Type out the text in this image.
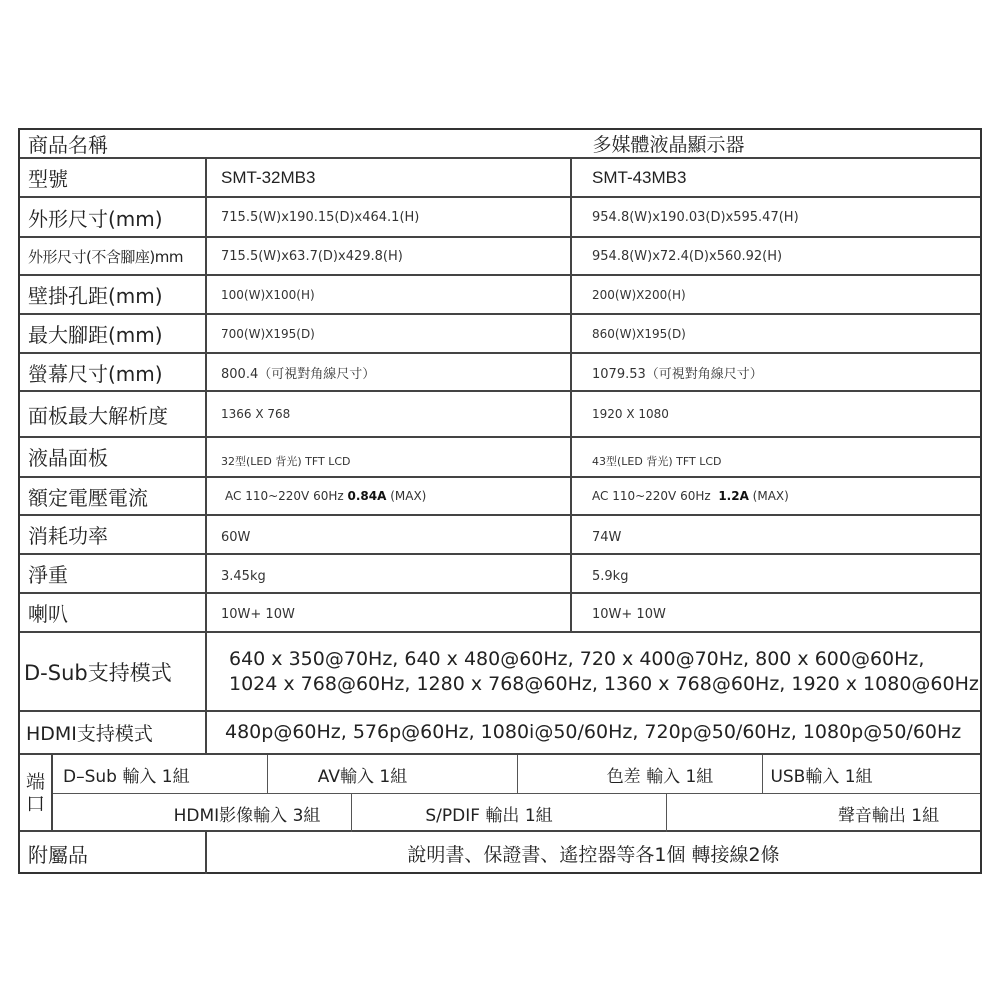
商品名稱	多媒體液晶顯示器
型號	SMT-32MB3	SMT-43MB3
外形尺寸(mm)	715.5(W)x190.15(D)x464.1(H)	954.8(W)x190.03(D)x595.47(H)
外形尺寸(不含腳座)mm	715.5(W)x63.7(D)x429.8(H)	954.8(W)x72.4(D)x560.92(H)
壁掛孔距(mm)	100(W)X100(H)	200(W)X200(H)
最大腳距(mm)	700(W)X195(D)	860(W)X195(D)
螢幕尺寸(mm)	800.4（可視對角線尺寸）	1079.53（可視對角線尺寸）
面板最大解析度	1366 X 768	1920 X 1080
液晶面板	32型(LED 背光) TFT LCD	43型(LED 背光) TFT LCD
額定電壓電流	AC 110~220V 60Hz 0.84A (MAX)	AC 110~220V 60Hz 1.2A (MAX)
消耗功率	60W	74W
淨重	3.45kg	5.9kg
喇叭	10W+ 10W	10W+ 10W
D-Sub支持模式
640 x 350@70Hz, 640 x 480@60Hz, 720 x 400@70Hz, 800 x 600@60Hz,
1024 x 768@60Hz, 1280 x 768@60Hz, 1360 x 768@60Hz, 1920 x 1080@60Hz
HDMI支持模式	480p@60Hz, 576p@60Hz, 1080i@50/60Hz, 720p@50/60Hz, 1080p@50/60Hz
端
口
D–Sub 輸入 1組	AV輸入 1組	色差 輸入 1組	USB輸入 1組
HDMI影像輸入 3組	S/PDIF 輸出 1組	聲音輸出 1組
附屬品	說明書、保證書、遙控器等各1個 轉接線2條
